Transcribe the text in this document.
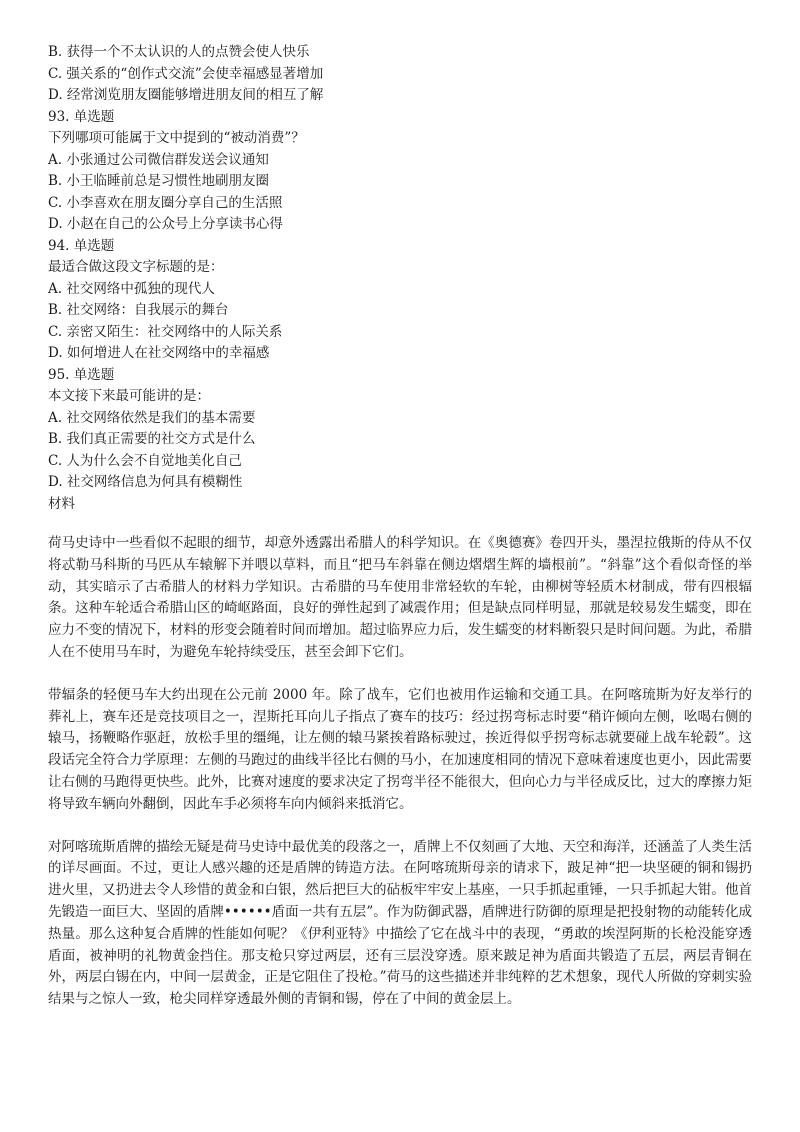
B. 获得一个不太认识的人的点赞会使人快乐

C. 强关系的“创作式交流”会使幸福感显著增加

D. 经常浏览朋友圈能够增进朋友间的相互了解

93. 单选题

下列哪项可能属于文中提到的“被动消费”？

A. 小张通过公司微信群发送会议通知

B. 小王临睡前总是习惯性地刷朋友圈

C. 小李喜欢在朋友圈分享自己的生活照

D. 小赵在自己的公众号上分享读书心得

94. 单选题

最适合做这段文字标题的是：

A. 社交网络中孤独的现代人

B. 社交网络：自我展示的舞台

C. 亲密又陌生：社交网络中的人际关系

D. 如何增进人在社交网络中的幸福感

95. 单选题

本文接下来最可能讲的是：

A. 社交网络依然是我们的基本需要

B. 我们真正需要的社交方式是什么

C. 人为什么会不自觉地美化自己

D. 社交网络信息为何具有模糊性

材料

荷马史诗中一些看似不起眼的细节，却意外透露出希腊人的科学知识。在《奥德赛》卷四开头，墨涅拉俄斯的侍从不仅将忒勒马科斯的马匹从车辕解下并喂以草料，而且“把马车斜靠在侧边熠熠生辉的墙根前”。“斜靠”这个看似奇怪的举动，其实暗示了古希腊人的材料力学知识。古希腊的马车使用非常轻软的车轮，由柳树等轻质木材制成，带有四根辐条。这种车轮适合希腊山区的崎岖路面，良好的弹性起到了减震作用；但是缺点同样明显，那就是较易发生蠕变，即在应力不变的情况下，材料的形变会随着时间而增加。超过临界应力后，发生蠕变的材料断裂只是时间问题。为此，希腊人在不使用马车时，为避免车轮持续受压，甚至会卸下它们。

带辐条的轻便马车大约出现在公元前 2000 年。除了战车，它们也被用作运输和交通工具。在阿喀琉斯为好友举行的葬礼上，赛车还是竞技项目之一，涅斯托耳向儿子指点了赛车的技巧：经过拐弯标志时要“稍许倾向左侧，吆喝右侧的辕马，扬鞭略作驱赶，放松手里的缰绳，让左侧的辕马紧挨着路标驶过，挨近得似乎拐弯标志就要碰上战车轮毂”。这段话完全符合力学原理：左侧的马跑过的曲线半径比右侧的马小，在加速度相同的情况下意味着速度也更小，因此需要让右侧的马跑得更快些。此外，比赛对速度的要求决定了拐弯半径不能很大，但向心力与半径成反比，过大的摩擦力矩将导致车辆向外翻倒，因此车手必须将车向内倾斜来抵消它。

对阿喀琉斯盾牌的描绘无疑是荷马史诗中最优美的段落之一，盾牌上不仅刻画了大地、天空和海洋，还涵盖了人类生活的详尽画面。不过，更让人感兴趣的还是盾牌的铸造方法。在阿喀琉斯母亲的请求下，跛足神“把一块坚硬的铜和锡扔进火里，又扔进去令人珍惜的黄金和白银，然后把巨大的砧板牢牢安上基座，一只手抓起重锤，一只手抓起大钳。他首先锻造一面巨大、坚固的盾牌••••••盾面一共有五层”。作为防御武器，盾牌进行防御的原理是把投射物的动能转化成热量。那么这种复合盾牌的性能如何呢？《伊利亚特》中描绘了它在战斗中的表现，“勇敢的埃涅阿斯的长枪没能穿透盾面，被神明的礼物黄金挡住。那支枪只穿过两层，还有三层没穿透。原来跛足神为盾面共锻造了五层，两层青铜在外，两层白锡在内，中间一层黄金，正是它阻住了投枪。”荷马的这些描述并非纯粹的艺术想象，现代人所做的穿刺实验结果与之惊人一致，枪尖同样穿透最外侧的青铜和锡，停在了中间的黄金层上。
